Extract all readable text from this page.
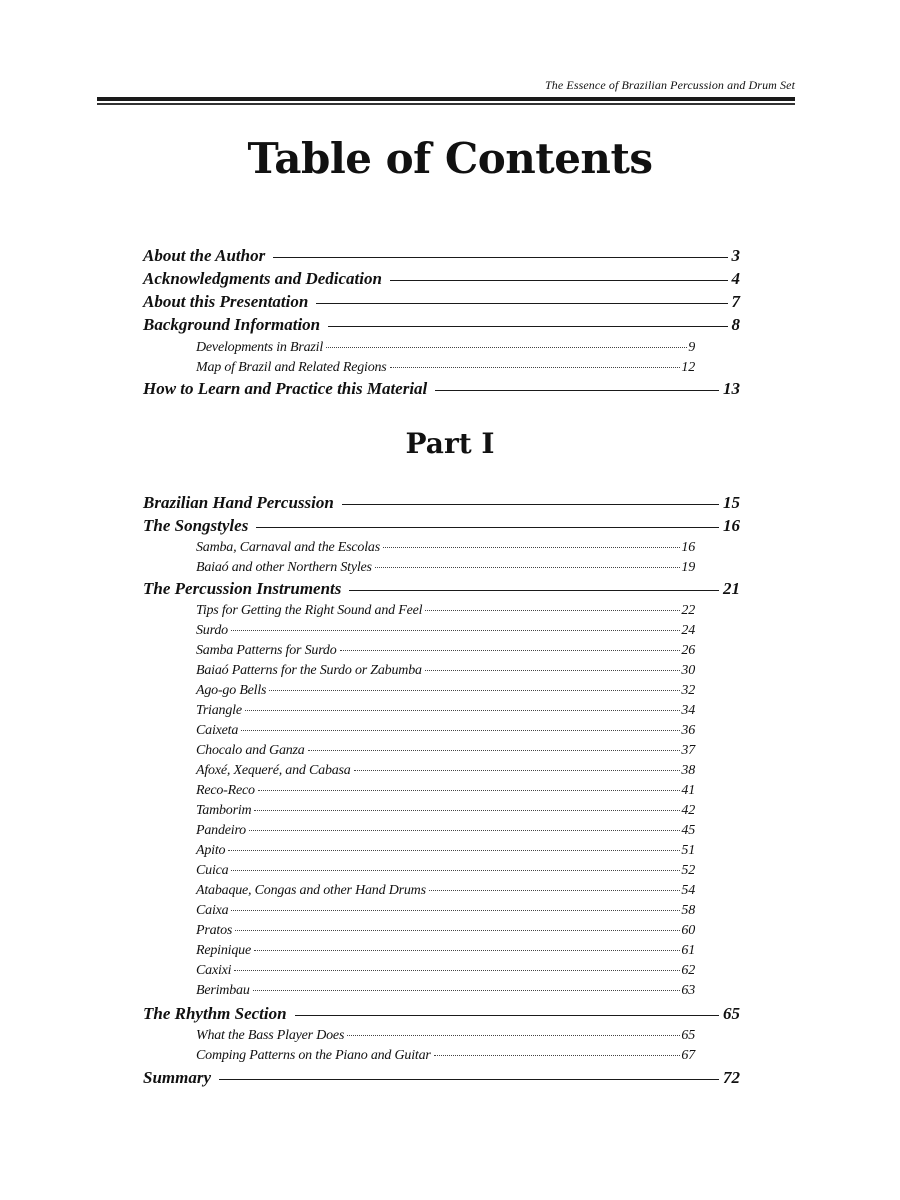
The Essence of Brazilian Percussion and Drum Set
Table of Contents
About the Author	3
Acknowledgments and Dedication	4
About this Presentation	7
Background Information	8
Developments in Brazil	9
Map of Brazil and Related Regions	12
How to Learn and Practice this Material	13
Part I
Brazilian Hand Percussion	15
The Songstyles	16
Samba, Carnaval and the Escolas	16
Baiaó and other Northern Styles	19
The Percussion Instruments	21
Tips for Getting the Right Sound and Feel	22
Surdo	24
Samba Patterns for Surdo	26
Baiaó Patterns for the Surdo or Zabumba	30
Ago-go Bells	32
Triangle	34
Caixeta	36
Chocalo and Ganza	37
Afoxé, Xequeré, and Cabasa	38
Reco-Reco	41
Tamborim	42
Pandeiro	45
Apito	51
Cuica	52
Atabaque, Congas and other Hand Drums	54
Caixa	58
Pratos	60
Repinique	61
Caxixi	62
Berimbau	63
The Rhythm Section	65
What the Bass Player Does	65
Comping Patterns on the Piano and Guitar	67
Summary	72
